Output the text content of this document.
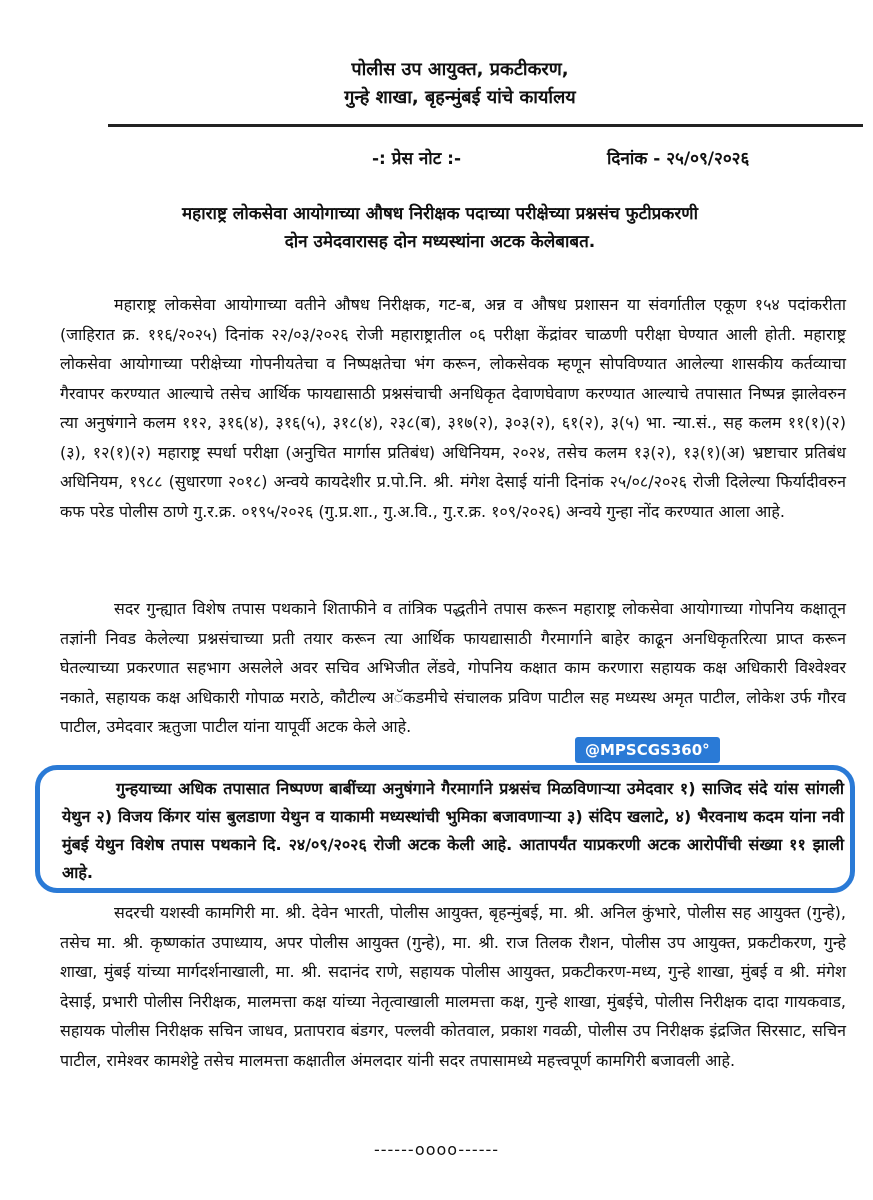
पोलीस उप आयुक्त, प्रकटीकरण,
गुन्हे शाखा, बृहन्मुंबई यांचे कार्यालय
-: प्रेस नोट :-	दिनांक - २५/०९/२०२६
महाराष्ट्र लोकसेवा आयोगाच्या औषध निरीक्षक पदाच्या परीक्षेच्या प्रश्नसंच फुटीप्रकरणी
दोन उमेदवारासह दोन मध्यस्थांना अटक केलेबाबत.
महाराष्ट्र लोकसेवा आयोगाच्या वतीने औषध निरीक्षक, गट-ब, अन्न व औषध प्रशासन या संवर्गातील एकूण १५४ पदांकरीता (जाहिरात क्र. ११६/२०२५) दिनांक २२/०३/२०२६ रोजी महाराष्ट्रातील ०६ परीक्षा केंद्रांवर चाळणी परीक्षा घेण्यात आली होती. महाराष्ट्र लोकसेवा आयोगाच्या परीक्षेच्या गोपनीयतेचा व निष्पक्षतेचा भंग करून, लोकसेवक म्हणून सोपविण्यात आलेल्या शासकीय कर्तव्याचा गैरवापर करण्यात आल्याचे तसेच आर्थिक फायद्यासाठी प्रश्नसंचाची अनधिकृत देवाणघेवाण करण्यात आल्याचे तपासात निष्पन्न झालेवरुन त्या अनुषंगाने कलम ११२, ३१६(४), ३१६(५), ३१८(४), २३८(ब), ३१७(२), ३०३(२), ६१(२), ३(५) भा. न्या.सं., सह कलम ११(१)(२)(३), १२(१)(२) महाराष्ट्र स्पर्धा परीक्षा (अनुचित मार्गास प्रतिबंध) अधिनियम, २०२४, तसेच कलम १३(२), १३(१)(अ) भ्रष्टाचार प्रतिबंध अधिनियम, १९८८ (सुधारणा २०१८) अन्वये कायदेशीर प्र.पो.नि. श्री. मंगेश देसाई यांनी दिनांक २५/०८/२०२६ रोजी दिलेल्या फिर्यादीवरुन कफ परेड पोलीस ठाणे गु.र.क्र. ०१९५/२०२६ (गु.प्र.शा., गु.अ.वि., गु.र.क्र. १०९/२०२६) अन्वये गुन्हा नोंद करण्यात आला आहे.
सदर गुन्ह्यात विशेष तपास पथकाने शिताफीने व तांत्रिक पद्धतीने तपास करून महाराष्ट्र लोकसेवा आयोगाच्या गोपनिय कक्षातून तज्ञांनी निवड केलेल्या प्रश्नसंचाच्या प्रती तयार करून त्या आर्थिक फायद्यासाठी गैरमार्गाने बाहेर काढून अनधिकृतरित्या प्राप्त करून घेतल्याच्या प्रकरणात सहभाग असलेले अवर सचिव अभिजीत लेंडवे, गोपनिय कक्षात काम करणारा सहायक कक्ष अधिकारी विश्वेश्वर नकाते, सहायक कक्ष अधिकारी गोपाळ मराठे, कौटील्य अॅकडमीचे संचालक प्रविण पाटील सह मध्यस्थ अमृत पाटील, लोकेश उर्फ गौरव पाटील, उमेदवार ऋतुजा पाटील यांना यापूर्वी अटक केले आहे.
@MPSCGS360°
गुन्हयाच्या अधिक तपासात निष्पण्ण बाबींच्या अनुषंगाने गैरमार्गाने प्रश्नसंच मिळविणाऱ्या उमेदवार १) साजिद संदे यांस सांगली येथुन २) विजय किंगर यांस बुलडाणा येथुन व याकामी मध्यस्थांची भुमिका बजावणाऱ्या ३) संदिप खलाटे, ४) भैरवनाथ कदम यांना नवी मुंबई येथुन विशेष तपास पथकाने दि. २४/०९/२०२६ रोजी अटक केली आहे. आतापर्यंत याप्रकरणी अटक आरोपींची संख्या ११ झाली आहे.
सदरची यशस्वी कामगिरी मा. श्री. देवेन भारती, पोलीस आयुक्त, बृहन्मुंबई, मा. श्री. अनिल कुंभारे, पोलीस सह आयुक्त (गुन्हे), तसेच मा. श्री. कृष्णकांत उपाध्याय, अपर पोलीस आयुक्त (गुन्हे), मा. श्री. राज तिलक रौशन, पोलीस उप आयुक्त, प्रकटीकरण, गुन्हे शाखा, मुंबई यांच्या मार्गदर्शनाखाली, मा. श्री. सदानंद राणे, सहायक पोलीस आयुक्त, प्रकटीकरण-मध्य, गुन्हे शाखा, मुंबई व श्री. मंगेश देसाई, प्रभारी पोलीस निरीक्षक, मालमत्ता कक्ष यांच्या नेतृत्वाखाली मालमत्ता कक्ष, गुन्हे शाखा, मुंबईचे, पोलीस निरीक्षक दादा गायकवाड, सहायक पोलीस निरीक्षक सचिन जाधव, प्रतापराव बंडगर, पल्लवी कोतवाल, प्रकाश गवळी, पोलीस उप निरीक्षक इंद्रजित सिरसाट, सचिन पाटील, रामेश्वर कामशेट्टे तसेच मालमत्ता कक्षातील अंमलदार यांनी सदर तपासामध्ये महत्त्वपूर्ण कामगिरी बजावली आहे.
------oooo------
